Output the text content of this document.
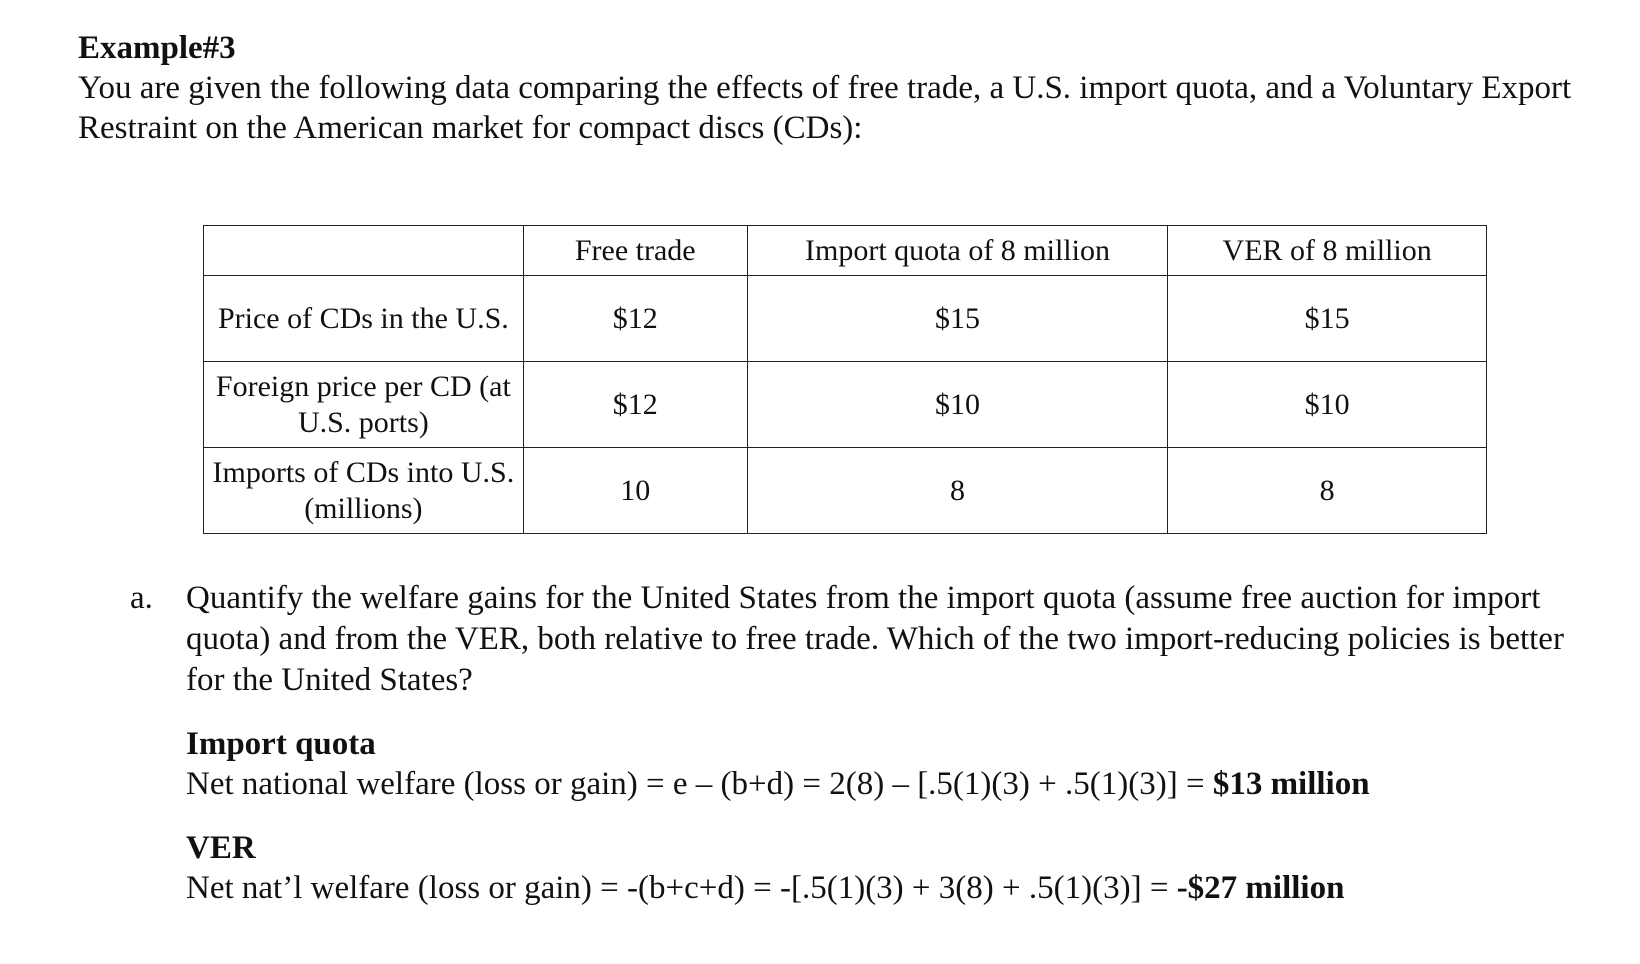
Example#3
You are given the following data comparing the effects of free trade, a U.S. import quota, and a Voluntary Export Restraint on the American market for compact discs (CDs):
	Free trade	Import quota of 8 million	VER of 8 million
Price of CDs in the U.S.	$12	$15	$15
Foreign price per CD (at U.S. ports)	$12	$10	$10
Imports of CDs into U.S. (millions)	10	8	8
a. Quantify the welfare gains for the United States from the import quota (assume free auction for import quota) and from the VER, both relative to free trade. Which of the two import-reducing policies is better for the United States?
Import quota
Net national welfare (loss or gain) = e – (b+d) = 2(8) – [.5(1)(3) + .5(1)(3)] = $13 million
VER
Net nat’l welfare (loss or gain) = -(b+c+d) = -[.5(1)(3) + 3(8) + .5(1)(3)] = -$27 million
